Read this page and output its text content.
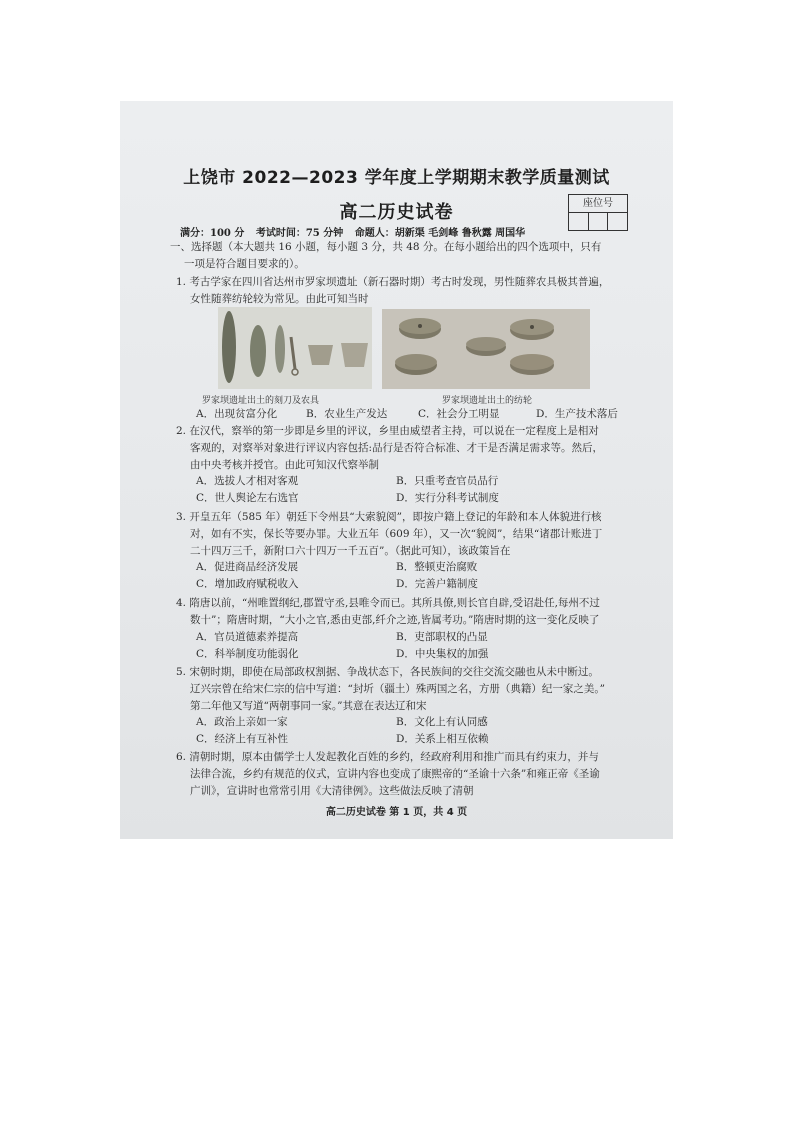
上饶市 2022—2023 学年度上学期期末教学质量测试
高二历史试卷	座位号
满分：100 分 考试时间：75 分钟 命题人：胡新渠 毛剑峰 鲁秋露 周国华
一、选择题（本大题共 16 小题，每小题 3 分，共 48 分。在每小题给出的四个选项中，只有
一项是符合题目要求的）。
1. 考古学家在四川省达州市罗家坝遗址（新石器时期）考古时发现，男性随葬农具极其普遍，
女性随葬纺轮较为常见。由此可知当时
罗家坝遗址出土的刻刀及农具	罗家坝遗址出土的纺轮
A．出现贫富分化	B．农业生产发达	C．社会分工明显	D．生产技术落后
2. 在汉代，察举的第一步即是乡里的评议，乡里由威望者主持，可以说在一定程度上是相对
客观的，对察举对象进行评议内容包括:品行是否符合标准、才干是否满足需求等。然后，
由中央考核并授官。由此可知汉代察举制
A．选拔人才相对客观	B．只重考查官员品行
C．世人舆论左右选官	D．实行分科考试制度
3. 开皇五年（585 年）朝廷下令州县“大索貌阅”，即按户籍上登记的年龄和本人体貌进行核
对，如有不实，保长等要办罪。大业五年（609 年），又一次“貌阅”，结果“诸郡计账进丁
二十四万三千，新附口六十四万一千五百”。（据此可知），该政策旨在
A．促进商品经济发展	B．整顿吏治腐败
C．增加政府赋税收入	D．完善户籍制度
4. 隋唐以前，“州唯置纲纪,郡置守丞,县唯令而已。其所具僚,则长官自辟,受诏赴任,每州不过
数十”；隋唐时期，“大小之官,悉由吏部,纤介之迹,皆属考功。”隋唐时期的这一变化反映了
A．官员道德素养提高	B．吏部职权的凸显
C．科举制度功能弱化	D．中央集权的加强
5. 宋朝时期，即使在局部政权割据、争战状态下，各民族间的交往交流交融也从未中断过。
辽兴宗曾在给宋仁宗的信中写道：“封圻（疆土）殊两国之名，方册（典籍）纪一家之美。”
第二年他又写道“两朝事同一家。”其意在表达辽和宋
A．政治上亲如一家	B．文化上有认同感
C．经济上有互补性	D．关系上相互依赖
6. 清朝时期，原本由儒学士人发起教化百姓的乡约，经政府利用和推广而具有约束力，并与
法律合流，乡约有规范的仪式，宣讲内容也变成了康熙帝的“圣谕十六条”和雍正帝《圣谕
广训》，宣讲时也常常引用《大清律例》。这些做法反映了清朝
高二历史试卷 第 1 页，共 4 页
